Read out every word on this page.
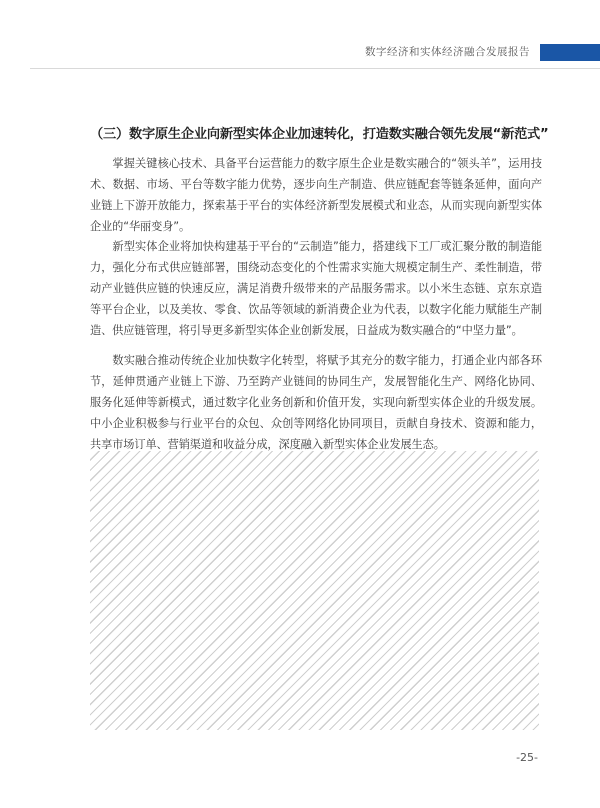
数字经济和实体经济融合发展报告
（三）数字原生企业向新型实体企业加速转化，打造数实融合领先发展“新范式”

掌握关键核心技术、具备平台运营能力的数字原生企业是数实融合的“领头羊”，运用技术、数据、市场、平台等数字能力优势，逐步向生产制造、供应链配套等链条延伸，面向产业链上下游开放能力，探索基于平台的实体经济新型发展模式和业态，从而实现向新型实体企业的“华丽变身”。

新型实体企业将加快构建基于平台的“云制造”能力，搭建线下工厂或汇聚分散的制造能力，强化分布式供应链部署，围绕动态变化的个性需求实施大规模定制生产、柔性制造，带动产业链供应链的快速反应，满足消费升级带来的产品服务需求。以小米生态链、京东京造等平台企业，以及美妆、零食、饮品等领域的新消费企业为代表，以数字化能力赋能生产制造、供应链管理，将引导更多新型实体企业创新发展，日益成为数实融合的“中坚力量”。

数实融合推动传统企业加快数字化转型，将赋予其充分的数字能力，打通企业内部各环节，延伸贯通产业链上下游、乃至跨产业链间的协同生产，发展智能化生产、网络化协同、服务化延伸等新模式，通过数字化业务创新和价值开发，实现向新型实体企业的升级发展。中小企业积极参与行业平台的众包、众创等网络化协同项目，贡献自身技术、资源和能力，共享市场订单、营销渠道和收益分成，深度融入新型实体企业发展生态。

-25-
